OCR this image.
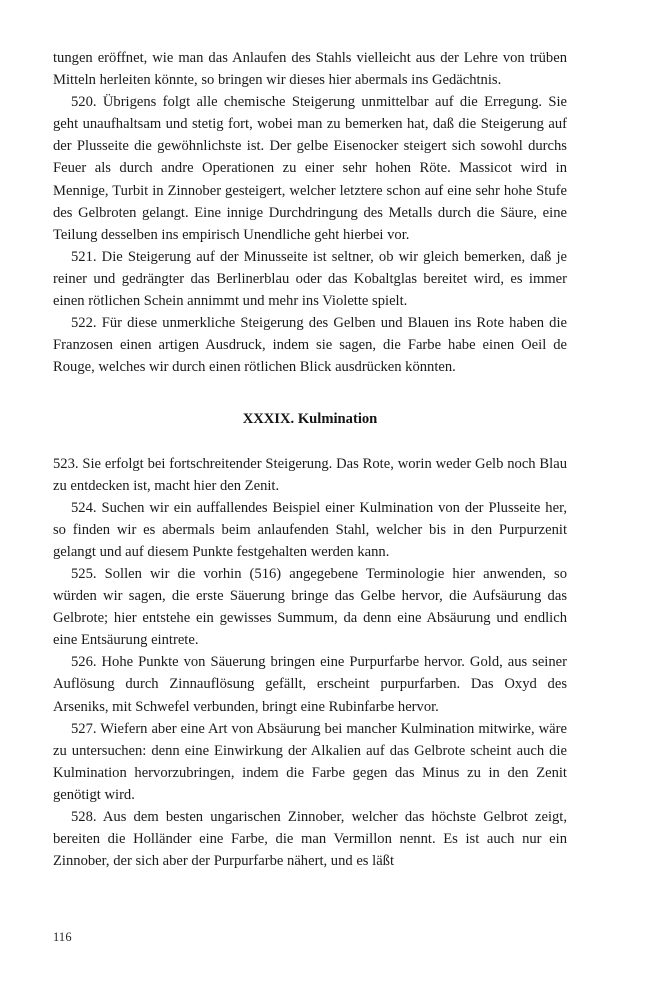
tungen eröffnet, wie man das Anlaufen des Stahls vielleicht aus der Lehre von trüben Mitteln herleiten könnte, so bringen wir dieses hier abermals ins Gedächtnis.

520. Übrigens folgt alle chemische Steigerung unmittelbar auf die Erregung. Sie geht unaufhaltsam und stetig fort, wobei man zu bemerken hat, daß die Steigerung auf der Plusseite die gewöhnlichste ist. Der gelbe Eisenocker steigert sich sowohl durchs Feuer als durch andre Operationen zu einer sehr hohen Röte. Massicot wird in Mennige, Turbit in Zinnober gesteigert, welcher letztere schon auf eine sehr hohe Stufe des Gelbroten gelangt. Eine innige Durchdringung des Metalls durch die Säure, eine Teilung desselben ins empirisch Unendliche geht hierbei vor.

521. Die Steigerung auf der Minusseite ist seltner, ob wir gleich bemerken, daß je reiner und gedrängter das Berlinerblau oder das Kobaltglas bereitet wird, es immer einen rötlichen Schein annimmt und mehr ins Violette spielt.

522. Für diese unmerkliche Steigerung des Gelben und Blauen ins Rote haben die Franzosen einen artigen Ausdruck, indem sie sagen, die Farbe habe einen Oeil de Rouge, welches wir durch einen rötlichen Blick ausdrücken könnten.

XXXIX. Kulmination

523. Sie erfolgt bei fortschreitender Steigerung. Das Rote, worin weder Gelb noch Blau zu entdecken ist, macht hier den Zenit.

524. Suchen wir ein auffallendes Beispiel einer Kulmination von der Plusseite her, so finden wir es abermals beim anlaufenden Stahl, welcher bis in den Purpurzenit gelangt und auf diesem Punkte festgehalten werden kann.

525. Sollen wir die vorhin (516) angegebene Terminologie hier anwenden, so würden wir sagen, die erste Säuerung bringe das Gelbe hervor, die Aufsäurung das Gelbrote; hier entstehe ein gewisses Summum, da denn eine Absäurung und endlich eine Entsäurung eintrete.

526. Hohe Punkte von Säuerung bringen eine Purpurfarbe hervor. Gold, aus seiner Auflösung durch Zinnauflösung gefällt, erscheint purpurfarben. Das Oxyd des Arseniks, mit Schwefel verbunden, bringt eine Rubinfarbe hervor.

527. Wiefern aber eine Art von Absäurung bei mancher Kulmination mitwirke, wäre zu untersuchen: denn eine Einwirkung der Alkalien auf das Gelbrote scheint auch die Kulmination hervorzubringen, indem die Farbe gegen das Minus zu in den Zenit genötigt wird.

528. Aus dem besten ungarischen Zinnober, welcher das höchste Gelbrot zeigt, bereiten die Holländer eine Farbe, die man Vermillon nennt. Es ist auch nur ein Zinnober, der sich aber der Purpurfarbe nähert, und es läßt

116
